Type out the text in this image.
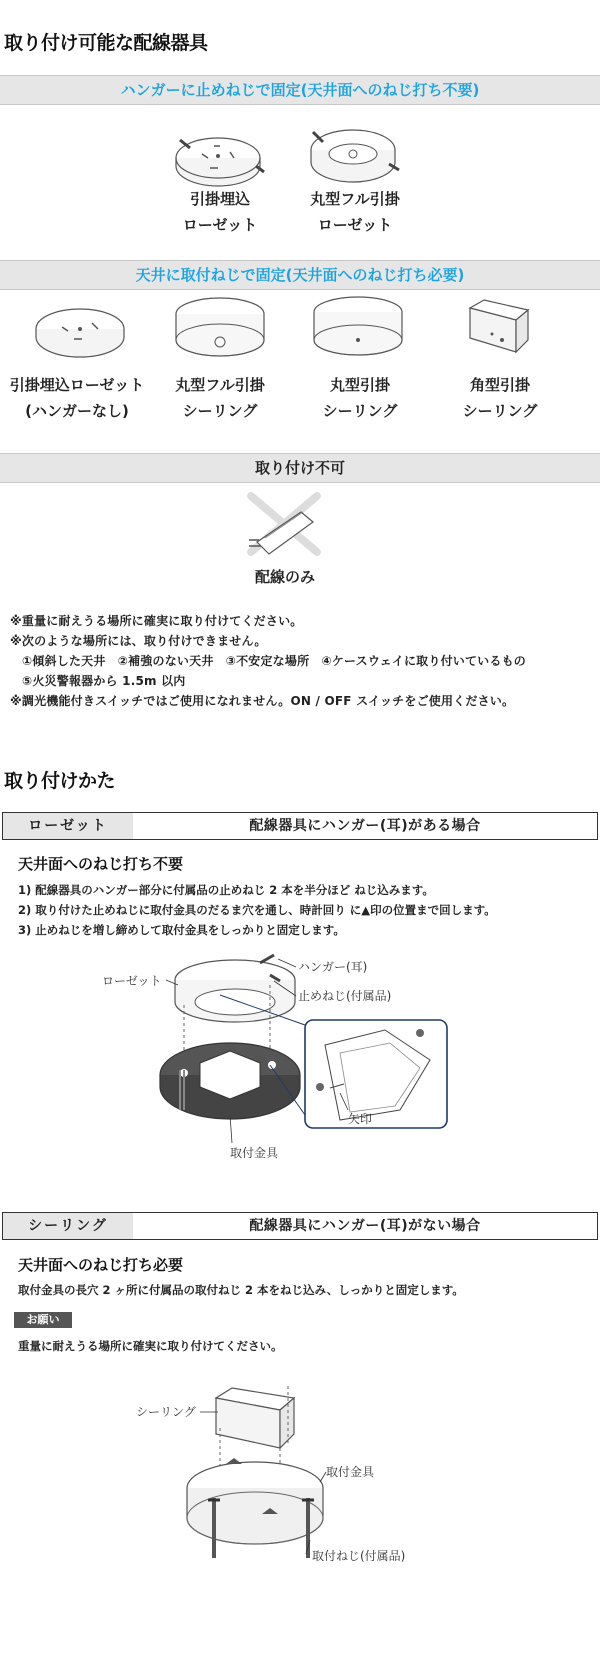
取り付け可能な配線器具
ハンガーに止めねじで固定(天井面へのねじ打ち不要)
引掛埋込
ローゼット
丸型フル引掛
ローゼット
天井に取付ねじで固定(天井面へのねじ打ち必要)
引掛埋込ローゼット
(ハンガーなし)
丸型フル引掛
シーリング
丸型引掛
シーリング
角型引掛
シーリング
取り付け不可
配線のみ
※重量に耐えうる場所に確実に取り付けてください。
※次のような場所には、取り付けできません。
①傾斜した天井　②補強のない天井　③不安定な場所　④ケースウェイに取り付いているもの
⑤火災警報器から 1.5m 以内
※調光機能付きスイッチではご使用になれません。ON / OFF スイッチをご使用ください。
取り付けかた
ローゼット	配線器具にハンガー(耳)がある場合
天井面へのねじ打ち不要
1) 配線器具のハンガー部分に付属品の止めねじ 2 本を半分ほど ねじ込みます。
2) 取り付けた止めねじに取付金具のだるま穴を通し、時計回り に▲印の位置まで回します。
3) 止めねじを増し締めして取付金具をしっかりと固定します。
ローゼット
ハンガー(耳)
止めねじ(付属品)
矢印
取付金具
シーリング	配線器具にハンガー(耳)がない場合
天井面へのねじ打ち必要
取付金具の長穴 2 ヶ所に付属品の取付ねじ 2 本をねじ込み、しっかりと固定します。
お願い
重量に耐えうる場所に確実に取り付けてください。
シーリング
取付金具
取付ねじ(付属品)
